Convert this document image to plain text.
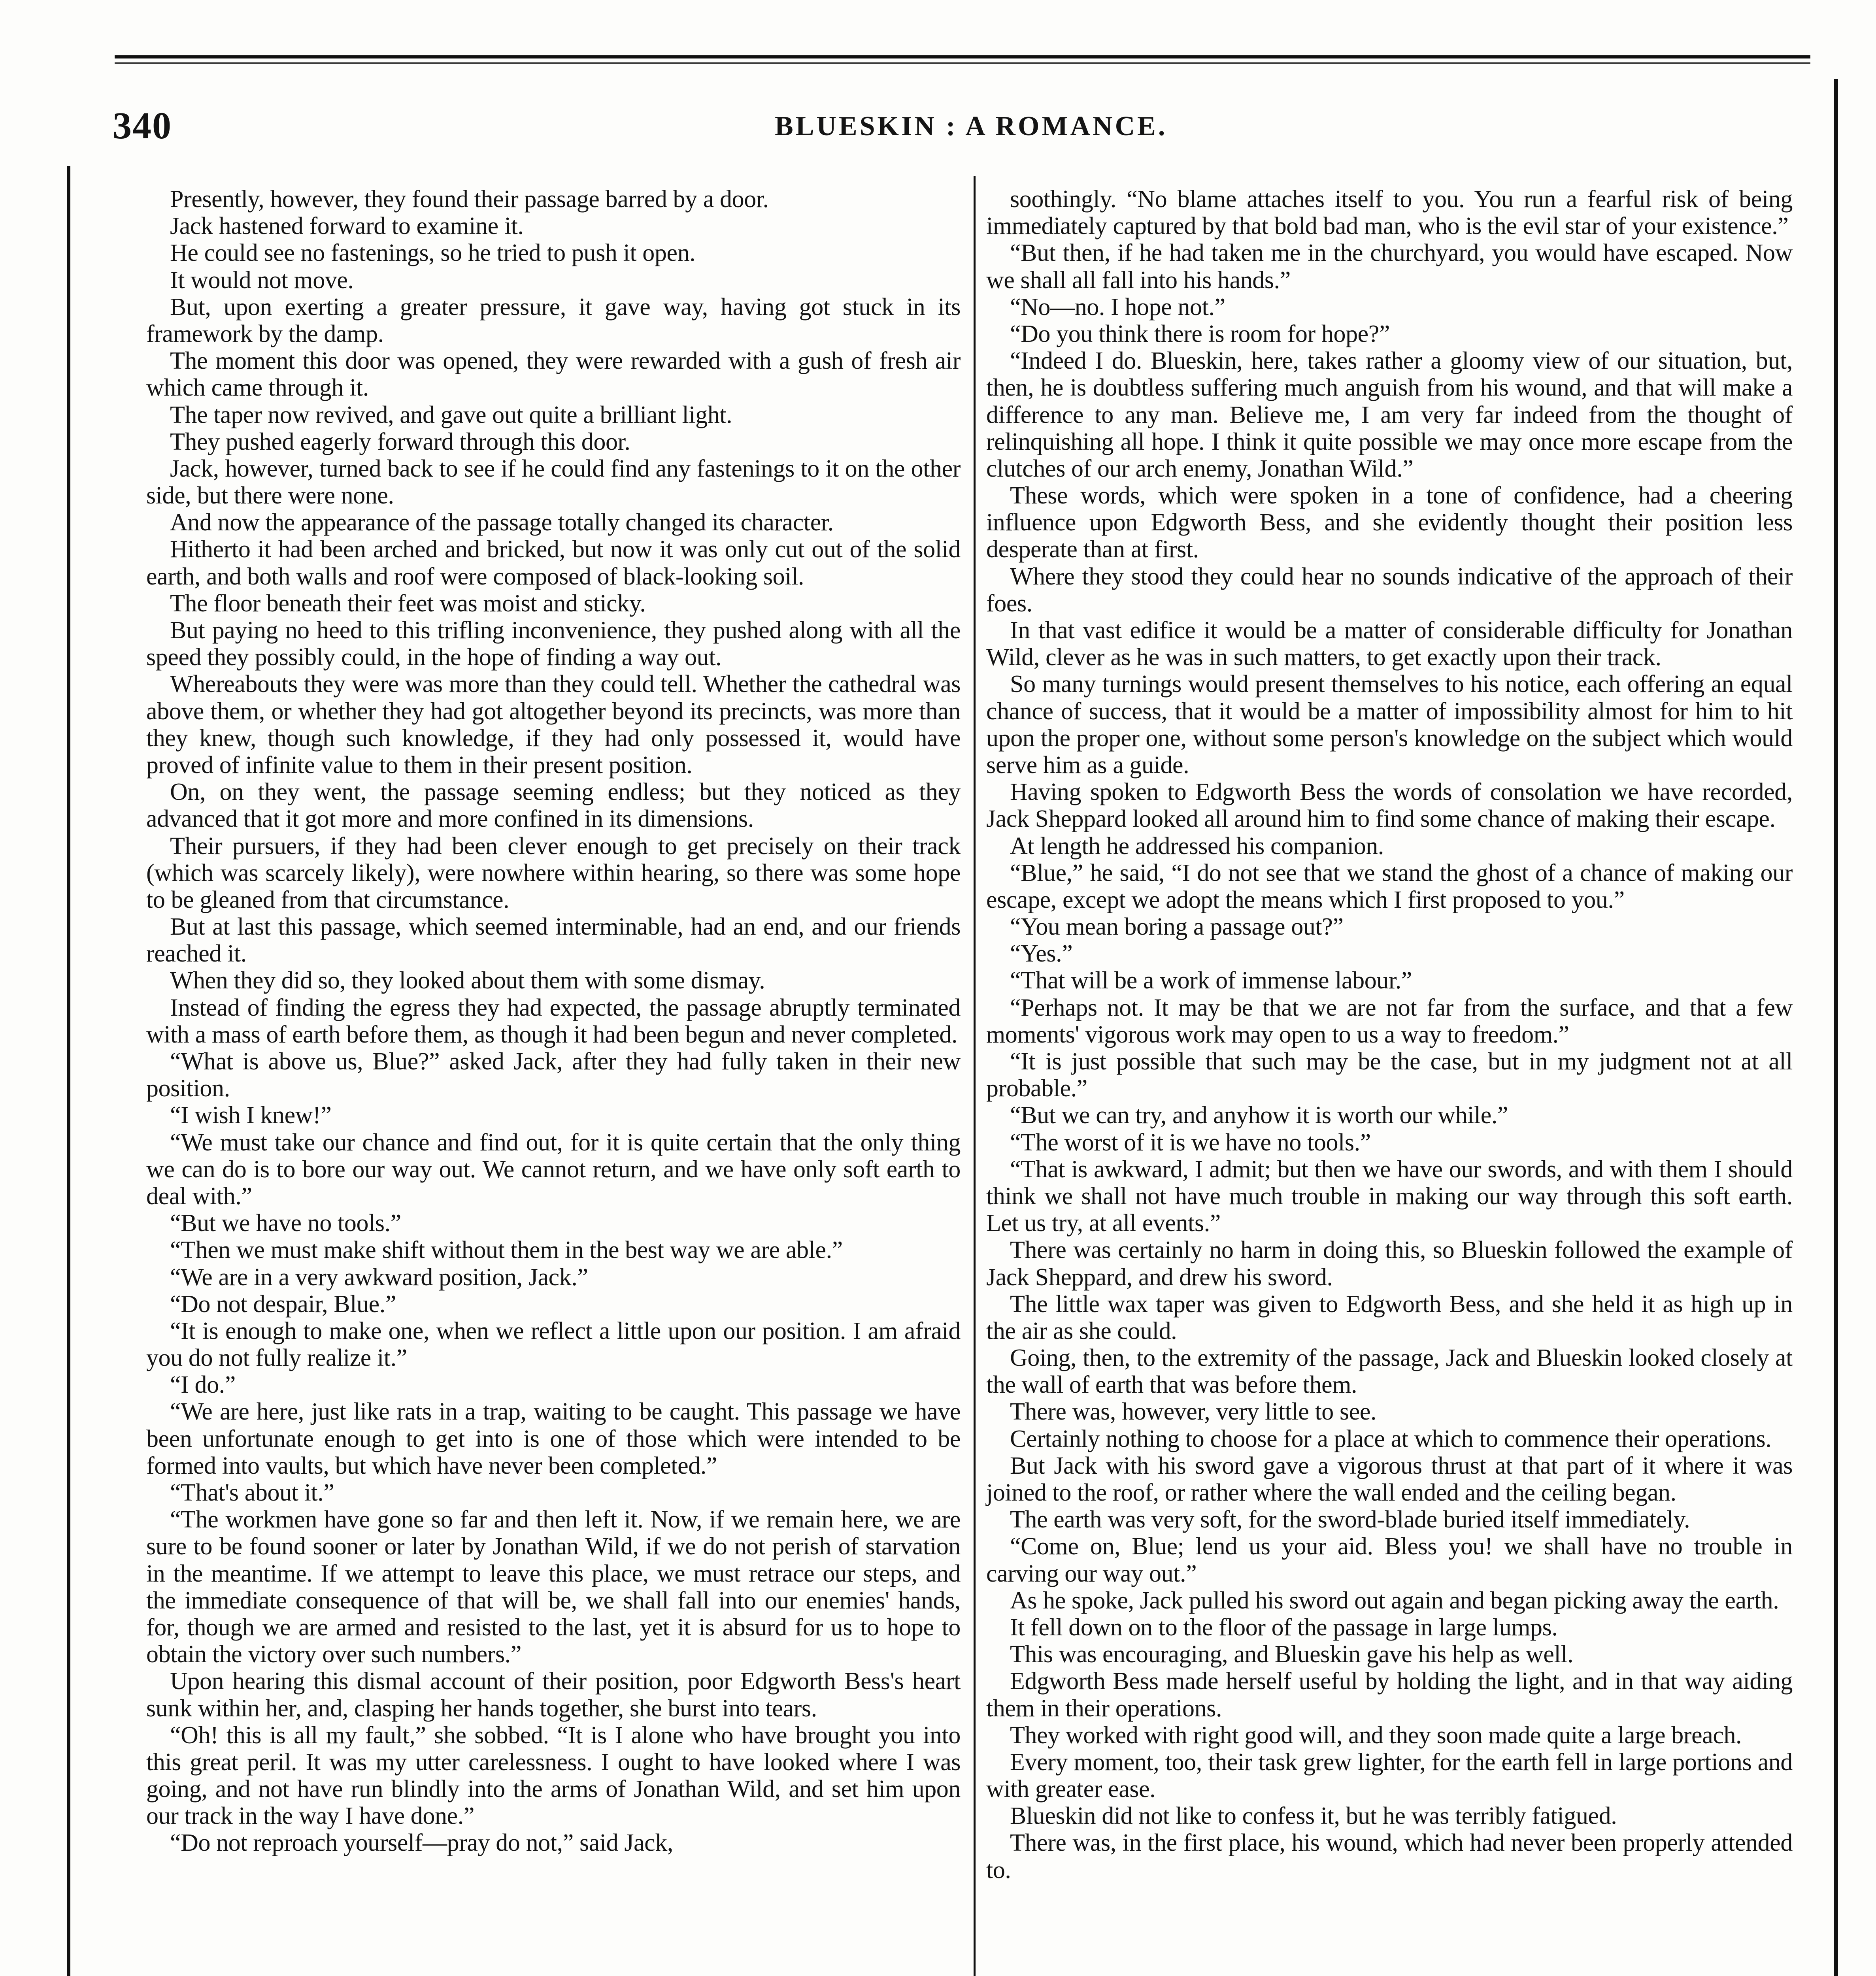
340	BLUESKIN : A ROMANCE.

Presently, however, they found their passage barred by a door.

Jack hastened forward to examine it.

He could see no fastenings, so he tried to push it open.

It would not move.

But, upon exerting a greater pressure, it gave way, having got stuck in its framework by the damp.

The moment this door was opened, they were rewarded with a gush of fresh air which came through it.

The taper now revived, and gave out quite a brilliant light.

They pushed eagerly forward through this door.

Jack, however, turned back to see if he could find any fastenings to it on the other side, but there were none.

And now the appearance of the passage totally changed its character.

Hitherto it had been arched and bricked, but now it was only cut out of the solid earth, and both walls and roof were composed of black-looking soil.

The floor beneath their feet was moist and sticky.

But paying no heed to this trifling inconvenience, they pushed along with all the speed they possibly could, in the hope of finding a way out.

Whereabouts they were was more than they could tell. Whether the cathedral was above them, or whether they had got altogether beyond its precincts, was more than they knew, though such knowledge, if they had only possessed it, would have proved of infinite value to them in their present position.

On, on they went, the passage seeming endless; but they noticed as they advanced that it got more and more confined in its dimensions.

Their pursuers, if they had been clever enough to get precisely on their track (which was scarcely likely), were nowhere within hearing, so there was some hope to be gleaned from that circumstance.

But at last this passage, which seemed interminable, had an end, and our friends reached it.

When they did so, they looked about them with some dismay.

Instead of finding the egress they had expected, the passage abruptly terminated with a mass of earth before them, as though it had been begun and never completed.

“What is above us, Blue?” asked Jack, after they had fully taken in their new position.

“I wish I knew!”

“We must take our chance and find out, for it is quite certain that the only thing we can do is to bore our way out. We cannot return, and we have only soft earth to deal with.”

“But we have no tools.”

“Then we must make shift without them in the best way we are able.”

“We are in a very awkward position, Jack.”

“Do not despair, Blue.”

“It is enough to make one, when we reflect a little upon our position. I am afraid you do not fully realize it.”

“I do.”

“We are here, just like rats in a trap, waiting to be caught. This passage we have been unfortunate enough to get into is one of those which were intended to be formed into vaults, but which have never been completed.”

“That's about it.”

“The workmen have gone so far and then left it. Now, if we remain here, we are sure to be found sooner or later by Jonathan Wild, if we do not perish of starvation in the meantime. If we attempt to leave this place, we must retrace our steps, and the immediate consequence of that will be, we shall fall into our enemies' hands, for, though we are armed and resisted to the last, yet it is absurd for us to hope to obtain the victory over such numbers.”

Upon hearing this dismal account of their position, poor Edgworth Bess's heart sunk within her, and, clasping her hands together, she burst into tears.

“Oh! this is all my fault,” she sobbed. “It is I alone who have brought you into this great peril. It was my utter carelessness. I ought to have looked where I was going, and not have run blindly into the arms of Jonathan Wild, and set him upon our track in the way I have done.”

“Do not reproach yourself—pray do not,” said Jack,

soothingly. “No blame attaches itself to you. You run a fearful risk of being immediately captured by that bold bad man, who is the evil star of your existence.”

“But then, if he had taken me in the churchyard, you would have escaped. Now we shall all fall into his hands.”

“No—no. I hope not.”

“Do you think there is room for hope?”

“Indeed I do. Blueskin, here, takes rather a gloomy view of our situation, but, then, he is doubtless suffering much anguish from his wound, and that will make a difference to any man. Believe me, I am very far indeed from the thought of relinquishing all hope. I think it quite possible we may once more escape from the clutches of our arch enemy, Jonathan Wild.”

These words, which were spoken in a tone of confidence, had a cheering influence upon Edgworth Bess, and she evidently thought their position less desperate than at first.

Where they stood they could hear no sounds indicative of the approach of their foes.

In that vast edifice it would be a matter of considerable difficulty for Jonathan Wild, clever as he was in such matters, to get exactly upon their track.

So many turnings would present themselves to his notice, each offering an equal chance of success, that it would be a matter of impossibility almost for him to hit upon the proper one, without some person's knowledge on the subject which would serve him as a guide.

Having spoken to Edgworth Bess the words of consolation we have recorded, Jack Sheppard looked all around him to find some chance of making their escape.

At length he addressed his companion.

“Blue,” he said, “I do not see that we stand the ghost of a chance of making our escape, except we adopt the means which I first proposed to you.”

“You mean boring a passage out?”

“Yes.”

“That will be a work of immense labour.”

“Perhaps not. It may be that we are not far from the surface, and that a few moments' vigorous work may open to us a way to freedom.”

“It is just possible that such may be the case, but in my judgment not at all probable.”

“But we can try, and anyhow it is worth our while.”

“The worst of it is we have no tools.”

“That is awkward, I admit; but then we have our swords, and with them I should think we shall not have much trouble in making our way through this soft earth. Let us try, at all events.”

There was certainly no harm in doing this, so Blueskin followed the example of Jack Sheppard, and drew his sword.

The little wax taper was given to Edgworth Bess, and she held it as high up in the air as she could.

Going, then, to the extremity of the passage, Jack and Blueskin looked closely at the wall of earth that was before them.

There was, however, very little to see.

Certainly nothing to choose for a place at which to commence their operations.

But Jack with his sword gave a vigorous thrust at that part of it where it was joined to the roof, or rather where the wall ended and the ceiling began.

The earth was very soft, for the sword-blade buried itself immediately.

“Come on, Blue; lend us your aid. Bless you! we shall have no trouble in carving our way out.”

As he spoke, Jack pulled his sword out again and began picking away the earth.

It fell down on to the floor of the passage in large lumps.

This was encouraging, and Blueskin gave his help as well.

Edgworth Bess made herself useful by holding the light, and in that way aiding them in their operations.

They worked with right good will, and they soon made quite a large breach.

Every moment, too, their task grew lighter, for the earth fell in large portions and with greater ease.

Blueskin did not like to confess it, but he was terribly fatigued.

There was, in the first place, his wound, which had never been properly attended to.
